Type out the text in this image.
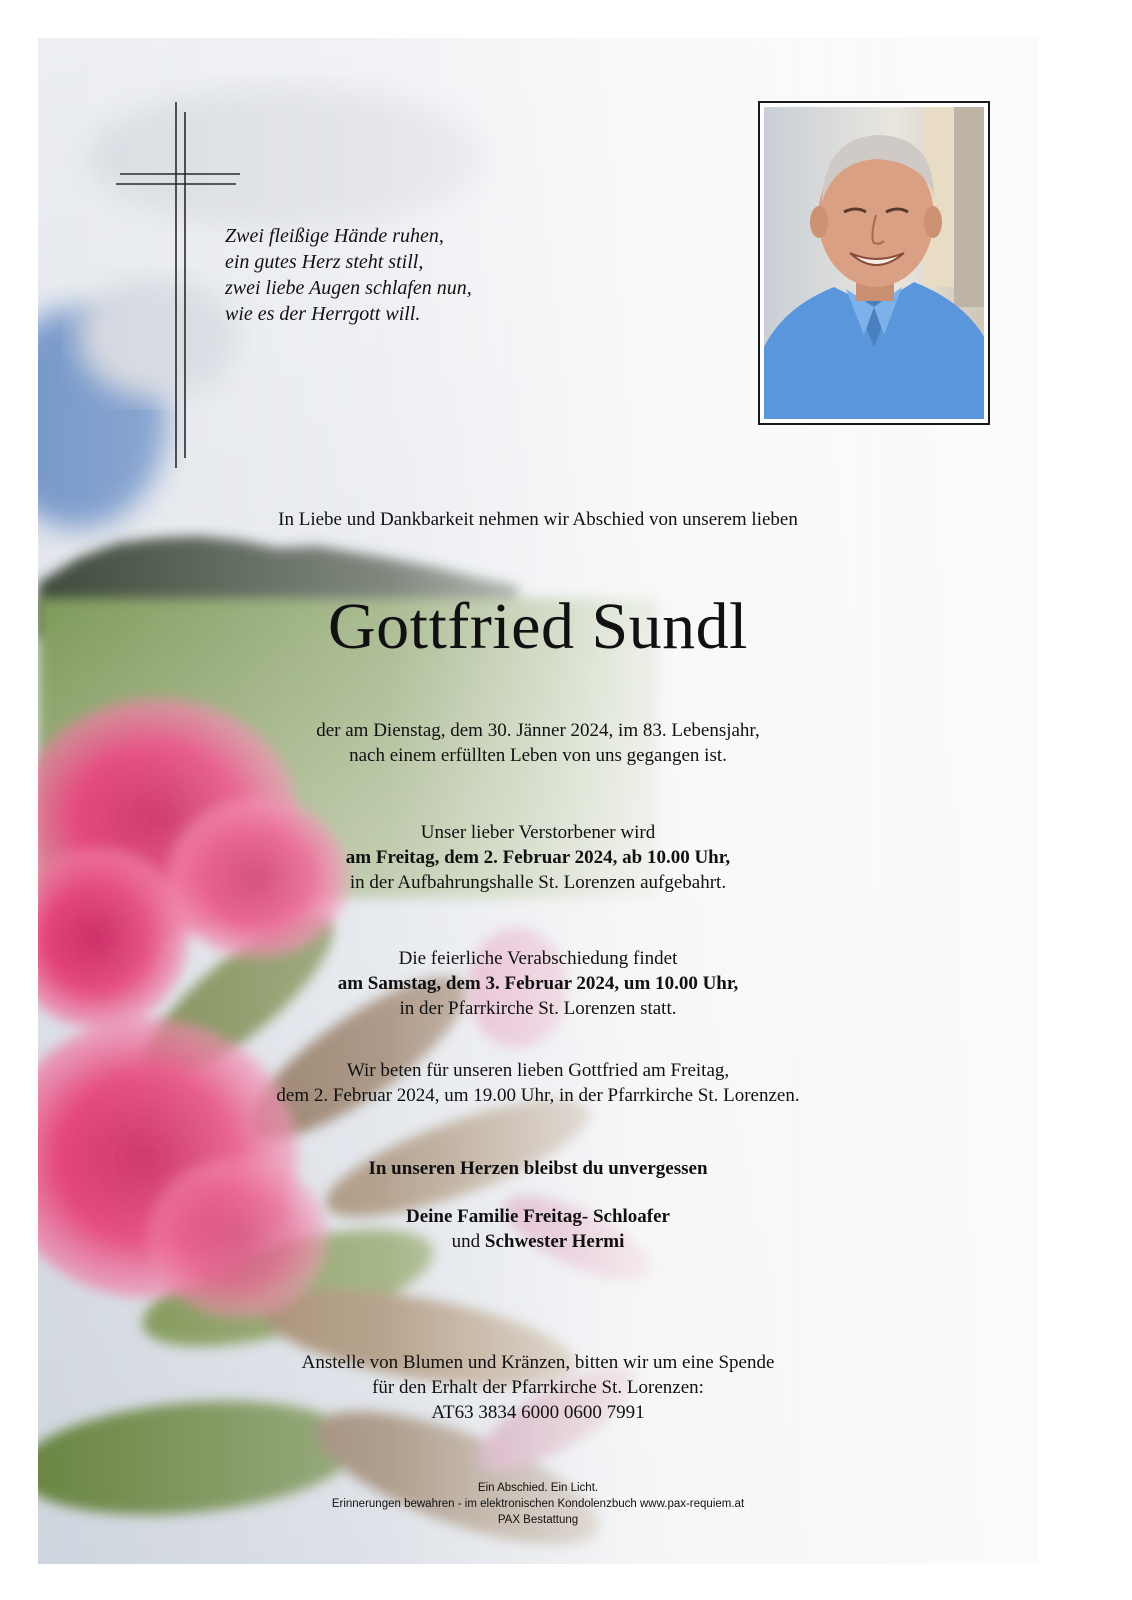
Zwei fleißige Hände ruhen,
ein gutes Herz steht still,
zwei liebe Augen schlafen nun,
wie es der Herrgott will.
In Liebe und Dankbarkeit nehmen wir Abschied von unserem lieben
Gottfried Sundl
der am Dienstag, dem 30. Jänner 2024, im 83. Lebensjahr,
nach einem erfüllten Leben von uns gegangen ist.
Unser lieber Verstorbener wird
am Freitag, dem 2. Februar 2024, ab 10.00 Uhr,
in der Aufbahrungshalle St. Lorenzen aufgebahrt.
Die feierliche Verabschiedung findet
am Samstag, dem 3. Februar 2024, um 10.00 Uhr,
in der Pfarrkirche St. Lorenzen statt.
Wir beten für unseren lieben Gottfried am Freitag,
dem 2. Februar 2024, um 19.00 Uhr, in der Pfarrkirche St. Lorenzen.
In unseren Herzen bleibst du unvergessen
Deine Familie Freitag- Schloafer
und Schwester Hermi
Anstelle von Blumen und Kränzen, bitten wir um eine Spende
für den Erhalt der Pfarrkirche St. Lorenzen:
AT63 3834 6000 0600 7991
Ein Abschied. Ein Licht.
Erinnerungen bewahren - im elektronischen Kondolenzbuch www.pax-requiem.at
PAX Bestattung
